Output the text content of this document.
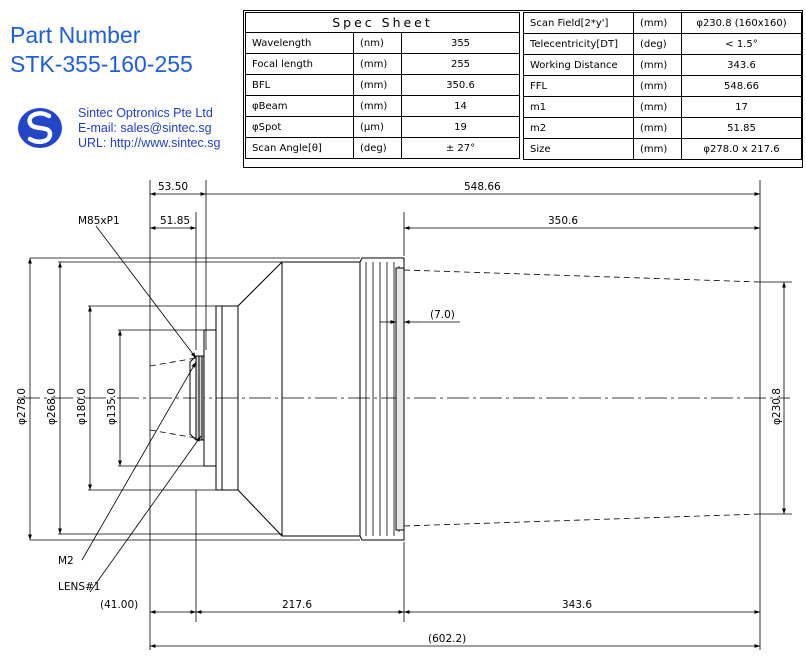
Part Number
STK-355-160-255
Sintec Optronics Pte Ltd
E-mail: sales@sintec.sg
URL: http://www.sintec.sg
Spec Sheet		
Wavelength	(nm)	355
Focal length	(mm)	255
BFL	(mm)	350.6
φBeam	(mm)	14
φSpot	(μm)	19
Scan Angle[θ]	(deg)	± 27°
Scan Field[2*y']	(mm)	φ230.8 (160x160)
Telecentricity[DT]	(deg)	< 1.5°
Working Distance	(mm)	343.6
FFL	(mm)	548.66
m1	(mm)	17
m2	(mm)	51.85
Size	(mm)	φ278.0 x 217.6
53.50	548.66
51.85	350.6
(7.0)
(41.00)	217.6	343.6
(602.2)
φ278.0 φ268.0 φ180.0 φ135.0	φ230.8
M85xP1
M2
LENS#1
